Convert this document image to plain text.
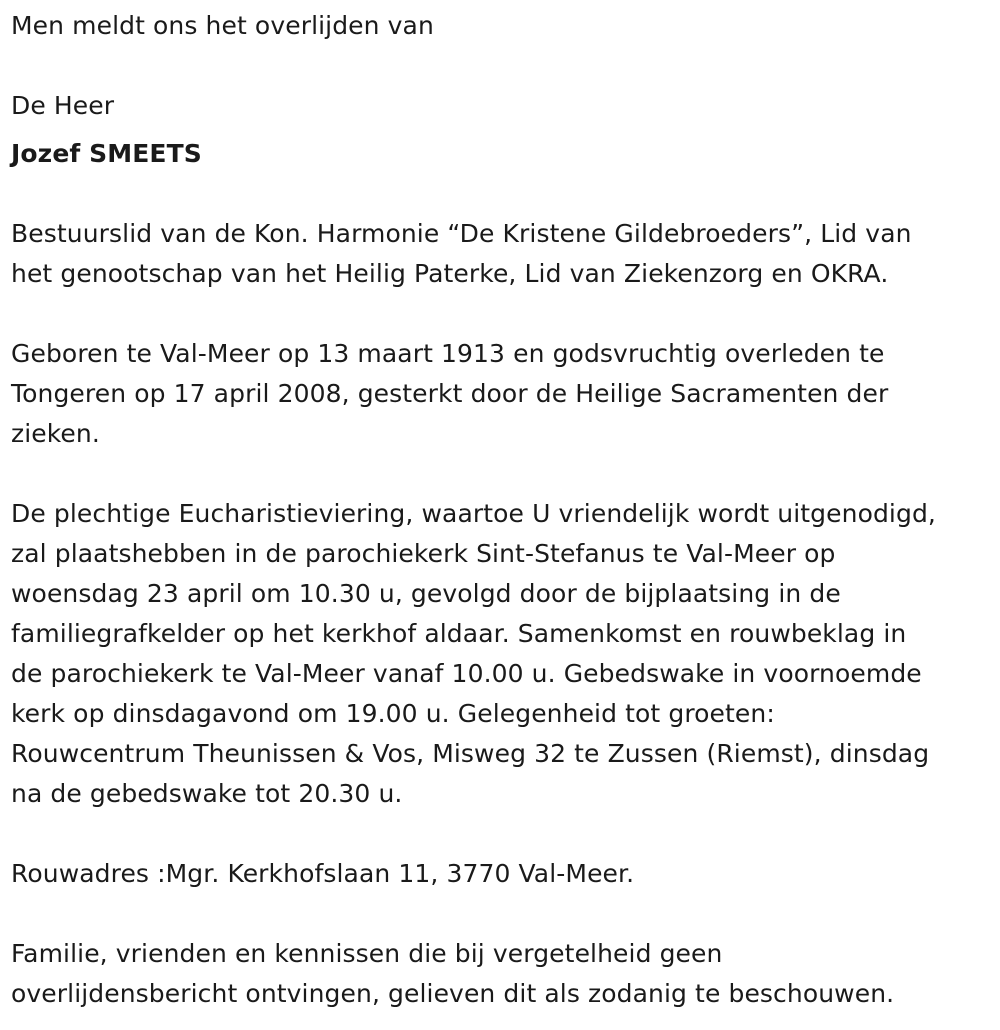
Men meldt ons het overlijden van

De Heer

Jozef SMEETS

Bestuurslid van de Kon. Harmonie “De Kristene Gildebroeders”, Lid van
het genootschap van het Heilig Paterke, Lid van Ziekenzorg en OKRA.

Geboren te Val-Meer op 13 maart 1913 en godsvruchtig overleden te
Tongeren op 17 april 2008, gesterkt door de Heilige Sacramenten der
zieken.

De plechtige Eucharistieviering, waartoe U vriendelijk wordt uitgenodigd,
zal plaatshebben in de parochiekerk Sint-Stefanus te Val-Meer op
woensdag 23 april om 10.30 u, gevolgd door de bijplaatsing in de
familiegrafkelder op het kerkhof aldaar. Samenkomst en rouwbeklag in
de parochiekerk te Val-Meer vanaf 10.00 u. Gebedswake in voornoemde
kerk op dinsdagavond om 19.00 u. Gelegenheid tot groeten:
Rouwcentrum Theunissen & Vos, Misweg 32 te Zussen (Riemst), dinsdag
na de gebedswake tot 20.30 u.

Rouwadres :Mgr. Kerkhofslaan 11, 3770 Val-Meer.

Familie, vrienden en kennissen die bij vergetelheid geen
overlijdensbericht ontvingen, gelieven dit als zodanig te beschouwen.
